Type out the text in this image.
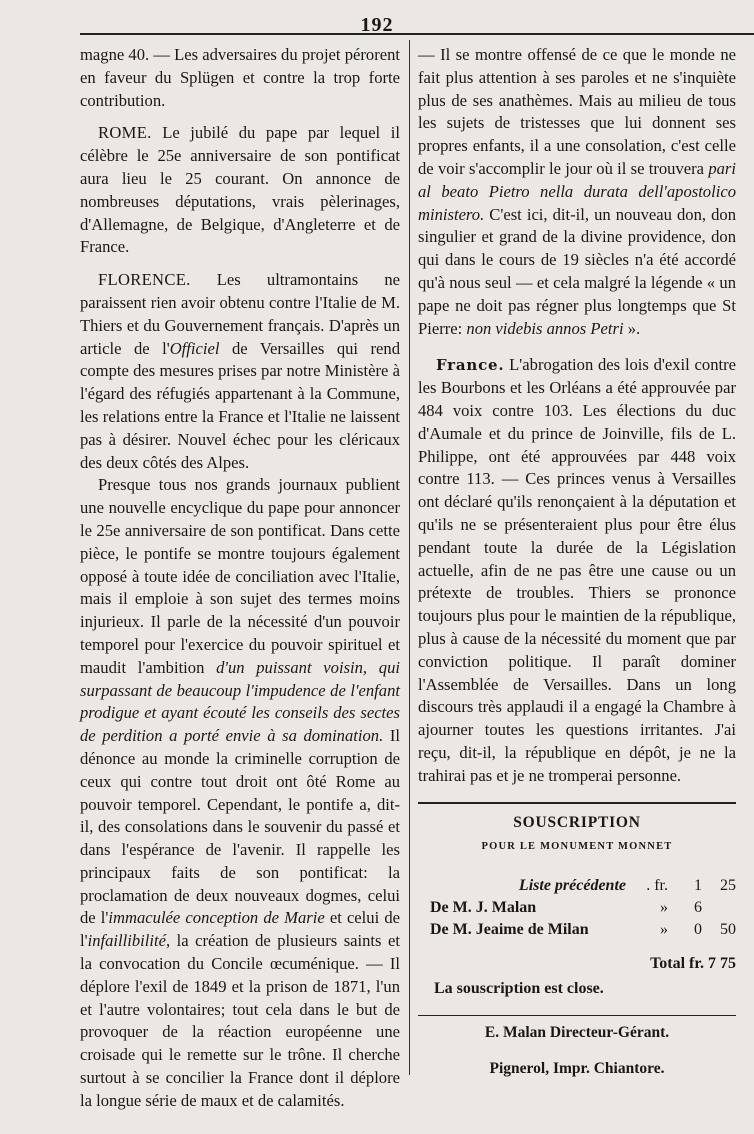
192

magne 40. — Les adversaires du projet pérorent en faveur du Splügen et contre la trop forte contribution.

ROME. Le jubilé du pape par lequel il célèbre le 25e anniversaire de son pontificat aura lieu le 25 courant. On annonce de nombreuses députations, vrais pèlerinages, d'Allemagne, de Belgique, d'Angleterre et de France.

FLORENCE. Les ultramontains ne paraissent rien avoir obtenu contre l'Italie de M. Thiers et du Gouvernement français. D'après un article de l'Officiel de Versailles qui rend compte des mesures prises par notre Ministère à l'égard des réfugiés appartenant à la Commune, les relations entre la France et l'Italie ne laissent pas à désirer. Nouvel échec pour les cléricaux des deux côtés des Alpes.

Presque tous nos grands journaux publient une nouvelle encyclique du pape pour annoncer le 25e anniversaire de son pontificat. Dans cette pièce, le pontife se montre toujours également opposé à toute idée de conciliation avec l'Italie, mais il emploie à son sujet des termes moins injurieux. Il parle de la nécessité d'un pouvoir temporel pour l'exercice du pouvoir spirituel et maudit l'ambition d'un puissant voisin, qui surpassant de beaucoup l'impudence de l'enfant prodigue et ayant écouté les conseils des sectes de perdition a porté envie à sa domination. Il dénonce au monde la criminelle corruption de ceux qui contre tout droit ont ôté Rome au pouvoir temporel. Cependant, le pontife a, dit-il, des consolations dans le souvenir du passé et dans l'espérance de l'avenir. Il rappelle les principaux faits de son pontificat: la proclamation de deux nouveaux dogmes, celui de l'immaculée conception de Marie et celui de l'infaillibilité, la création de plusieurs saints et la convocation du Concile œcuménique. — Il déplore l'exil de 1849 et la prison de 1871, l'un et l'autre volontaires; tout cela dans le but de provoquer de la réaction européenne une croisade qui le remette sur le trône. Il cherche surtout à se concilier la France dont il déplore la longue série de maux et de calamités.

— Il se montre offensé de ce que le monde ne fait plus attention à ses paroles et ne s'inquiète plus de ses anathèmes. Mais au milieu de tous les sujets de tristesses que lui donnent ses propres enfants, il a une consolation, c'est celle de voir s'accomplir le jour où il se trouvera pari al beato Pietro nella durata dell'apostolico ministero. C'est ici, dit-il, un nouveau don, don singulier et grand de la divine providence, don qui dans le cours de 19 siècles n'a été accordé qu'à nous seul — et cela malgré la légende « un pape ne doit pas régner plus longtemps que St Pierre: non videbis annos Petri ».

France. L'abrogation des lois d'exil contre les Bourbons et les Orléans a été approuvée par 484 voix contre 103. Les élections du duc d'Aumale et du prince de Joinville, fils de L. Philippe, ont été approuvées par 448 voix contre 113. — Ces princes venus à Versailles ont déclaré qu'ils renonçaient à la députation et qu'ils ne se présenteraient plus pour être élus pendant toute la durée de la Législation actuelle, afin de ne pas être une cause ou un prétexte de troubles. Thiers se prononce toujours plus pour le maintien de la république, plus à cause de la nécessité du moment que par conviction politique. Il paraît dominer l'Assemblée de Versailles. Dans un long discours très applaudi il a engagé la Chambre à ajourner toutes les questions irritantes. J'ai reçu, dit-il, la république en dépôt, je ne la trahirai pas et je ne tromperai personne.

SOUSCRIPTION
POUR LE MONUMENT MONNET
Liste précédente	. fr.	1	25
De M. J. Malan	»	6	
De M. Jeaime de Milan	»	0	50
Total fr. 7 75
La souscription est close.
E. Malan Directeur-Gérant.
Pignerol, Impr. Chiantore.
